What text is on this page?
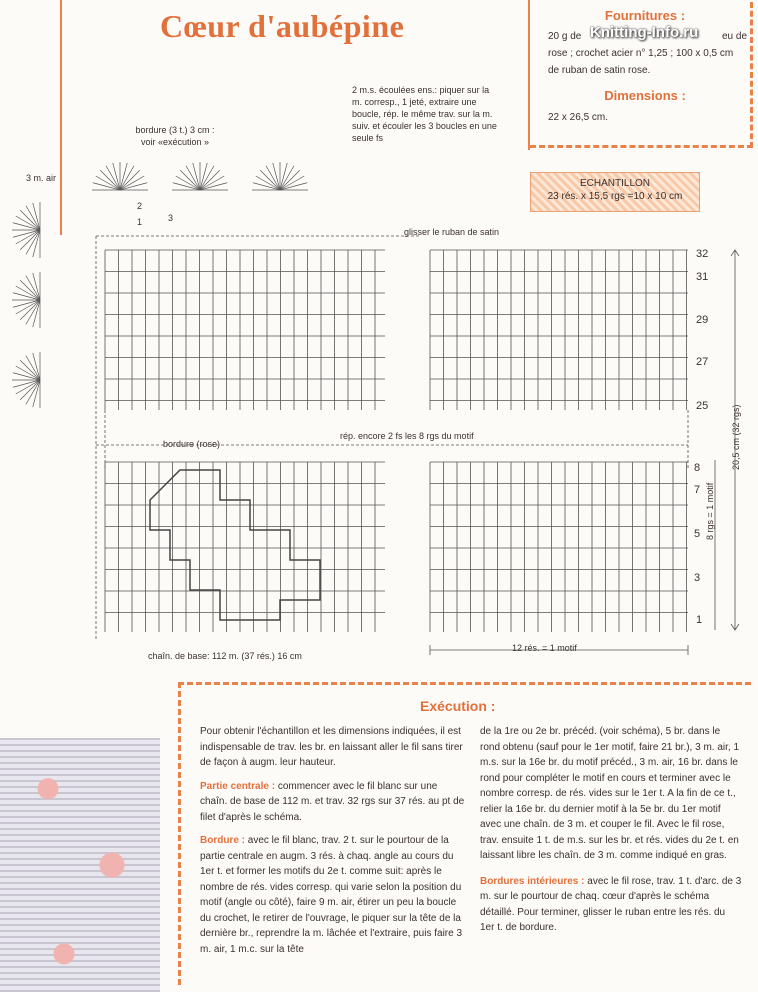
Cœur d'aubépine	Fournitures :
20 g de	eu de
rose ; crochet acier n° 1,25 ; 100 x 0,5 cm
de ruban de satin rose.
Dimensions :
22 x 26,5 cm.
Knitting-Info.ru
ECHANTILLON
23 rés. x 15,5 rgs =10 x 10 cm
2 m.s. écoulées ens.: piquer sur la
m. corresp., 1 jeté, extraire une
boucle, rép. le même trav. sur la m.
suiv. et écouler les 3 boucles en une
seule fs
bordure (3 t.) 3 cm :
voir «exécution »
3 m. air
glisser le ruban de satin
rép. encore 2 fs les 8 rgs du motif
bordure (rose)
chaîn. de base: 112 m. (37 rés.) 16 cm
12 rés. = 1 motif
8 rgs = 1 motif
20,5 cm (32 rgs)
32
31
29
27
25
8
7
5
3
1
1
2
3
Exécution :

Pour obtenir l'échantillon et les dimensions indiquées, il est indispensable de trav. les br. en laissant aller le fil sans tirer de façon à augm. leur hauteur.

Partie centrale : commencer avec le fil blanc sur une chaîn. de base de 112 m. et trav. 32 rgs sur 37 rés. au pt de filet d'après le schéma.

Bordure : avec le fil blanc, trav. 2 t. sur le pourtour de la partie centrale en augm. 3 rés. à chaq. angle au cours du 1er t. et former les motifs du 2e t. comme suit: après le nombre de rés. vides corresp. qui varie selon la position du motif (angle ou côté), faire 9 m. air, étirer un peu la boucle du crochet, le retirer de l'ouvrage, le piquer sur la tête de la dernière br., reprendre la m. lâchée et l'extraire, puis faire 3 m. air, 1 m.c. sur la tête

de la 1re ou 2e br. précéd. (voir schéma), 5 br. dans le rond obtenu (sauf pour le 1er motif, faire 21 br.), 3 m. air, 1 m.s. sur la 16e br. du motif précéd., 3 m. air, 16 br. dans le rond pour compléter le motif en cours et terminer avec le nombre corresp. de rés. vides sur le 1er t. A la fin de ce t., relier la 16e br. du dernier motif à la 5e br. du 1er motif avec une chaîn. de 3 m. et couper le fil. Avec le fil rose, trav. ensuite 1 t. de m.s. sur les br. et rés. vides du 2e t. en laissant libre les chaîn. de 3 m. comme indiqué en gras.

Bordures intérieures : avec le fil rose, trav. 1 t. d'arc. de 3 m. sur le pourtour de chaq. cœur d'après le schéma détaillé. Pour terminer, glisser le ruban entre les rés. du 1er t. de bordure.
